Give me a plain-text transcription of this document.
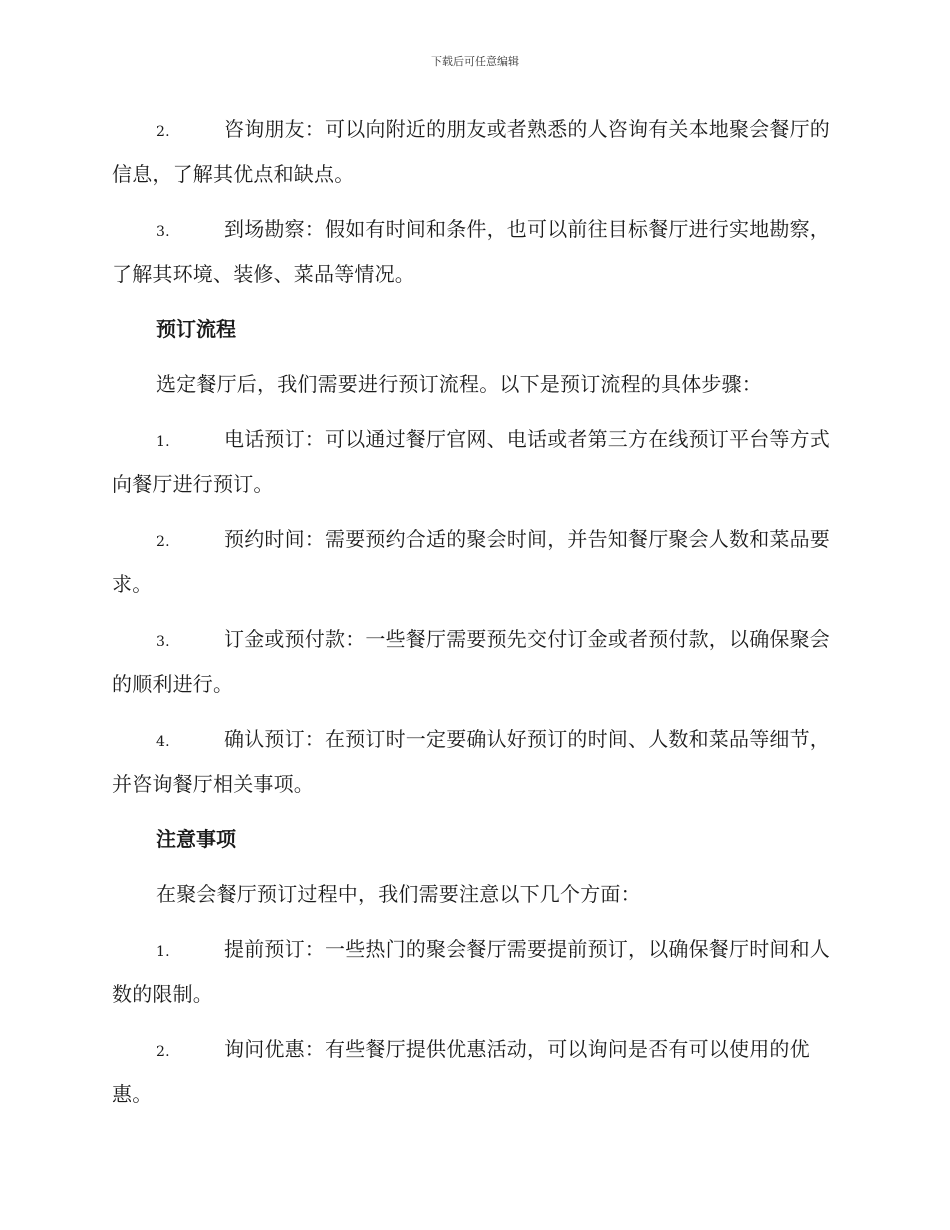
下载后可任意编辑
2.	咨询朋友：可以向附近的朋友或者熟悉的人咨询有关本地聚会餐厅的信息，了解其优点和缺点。
3.	到场勘察：假如有时间和条件，也可以前往目标餐厅进行实地勘察，了解其环境、装修、菜品等情况。
预订流程
选定餐厅后，我们需要进行预订流程。以下是预订流程的具体步骤：
1.	电话预订：可以通过餐厅官网、电话或者第三方在线预订平台等方式向餐厅进行预订。
2.	预约时间：需要预约合适的聚会时间，并告知餐厅聚会人数和菜品要求。
3.	订金或预付款：一些餐厅需要预先交付订金或者预付款，以确保聚会的顺利进行。
4.	确认预订：在预订时一定要确认好预订的时间、人数和菜品等细节，并咨询餐厅相关事项。
注意事项
在聚会餐厅预订过程中，我们需要注意以下几个方面：
1.	提前预订：一些热门的聚会餐厅需要提前预订，以确保餐厅时间和人数的限制。
2.	询问优惠：有些餐厅提供优惠活动，可以询问是否有可以使用的优惠。
